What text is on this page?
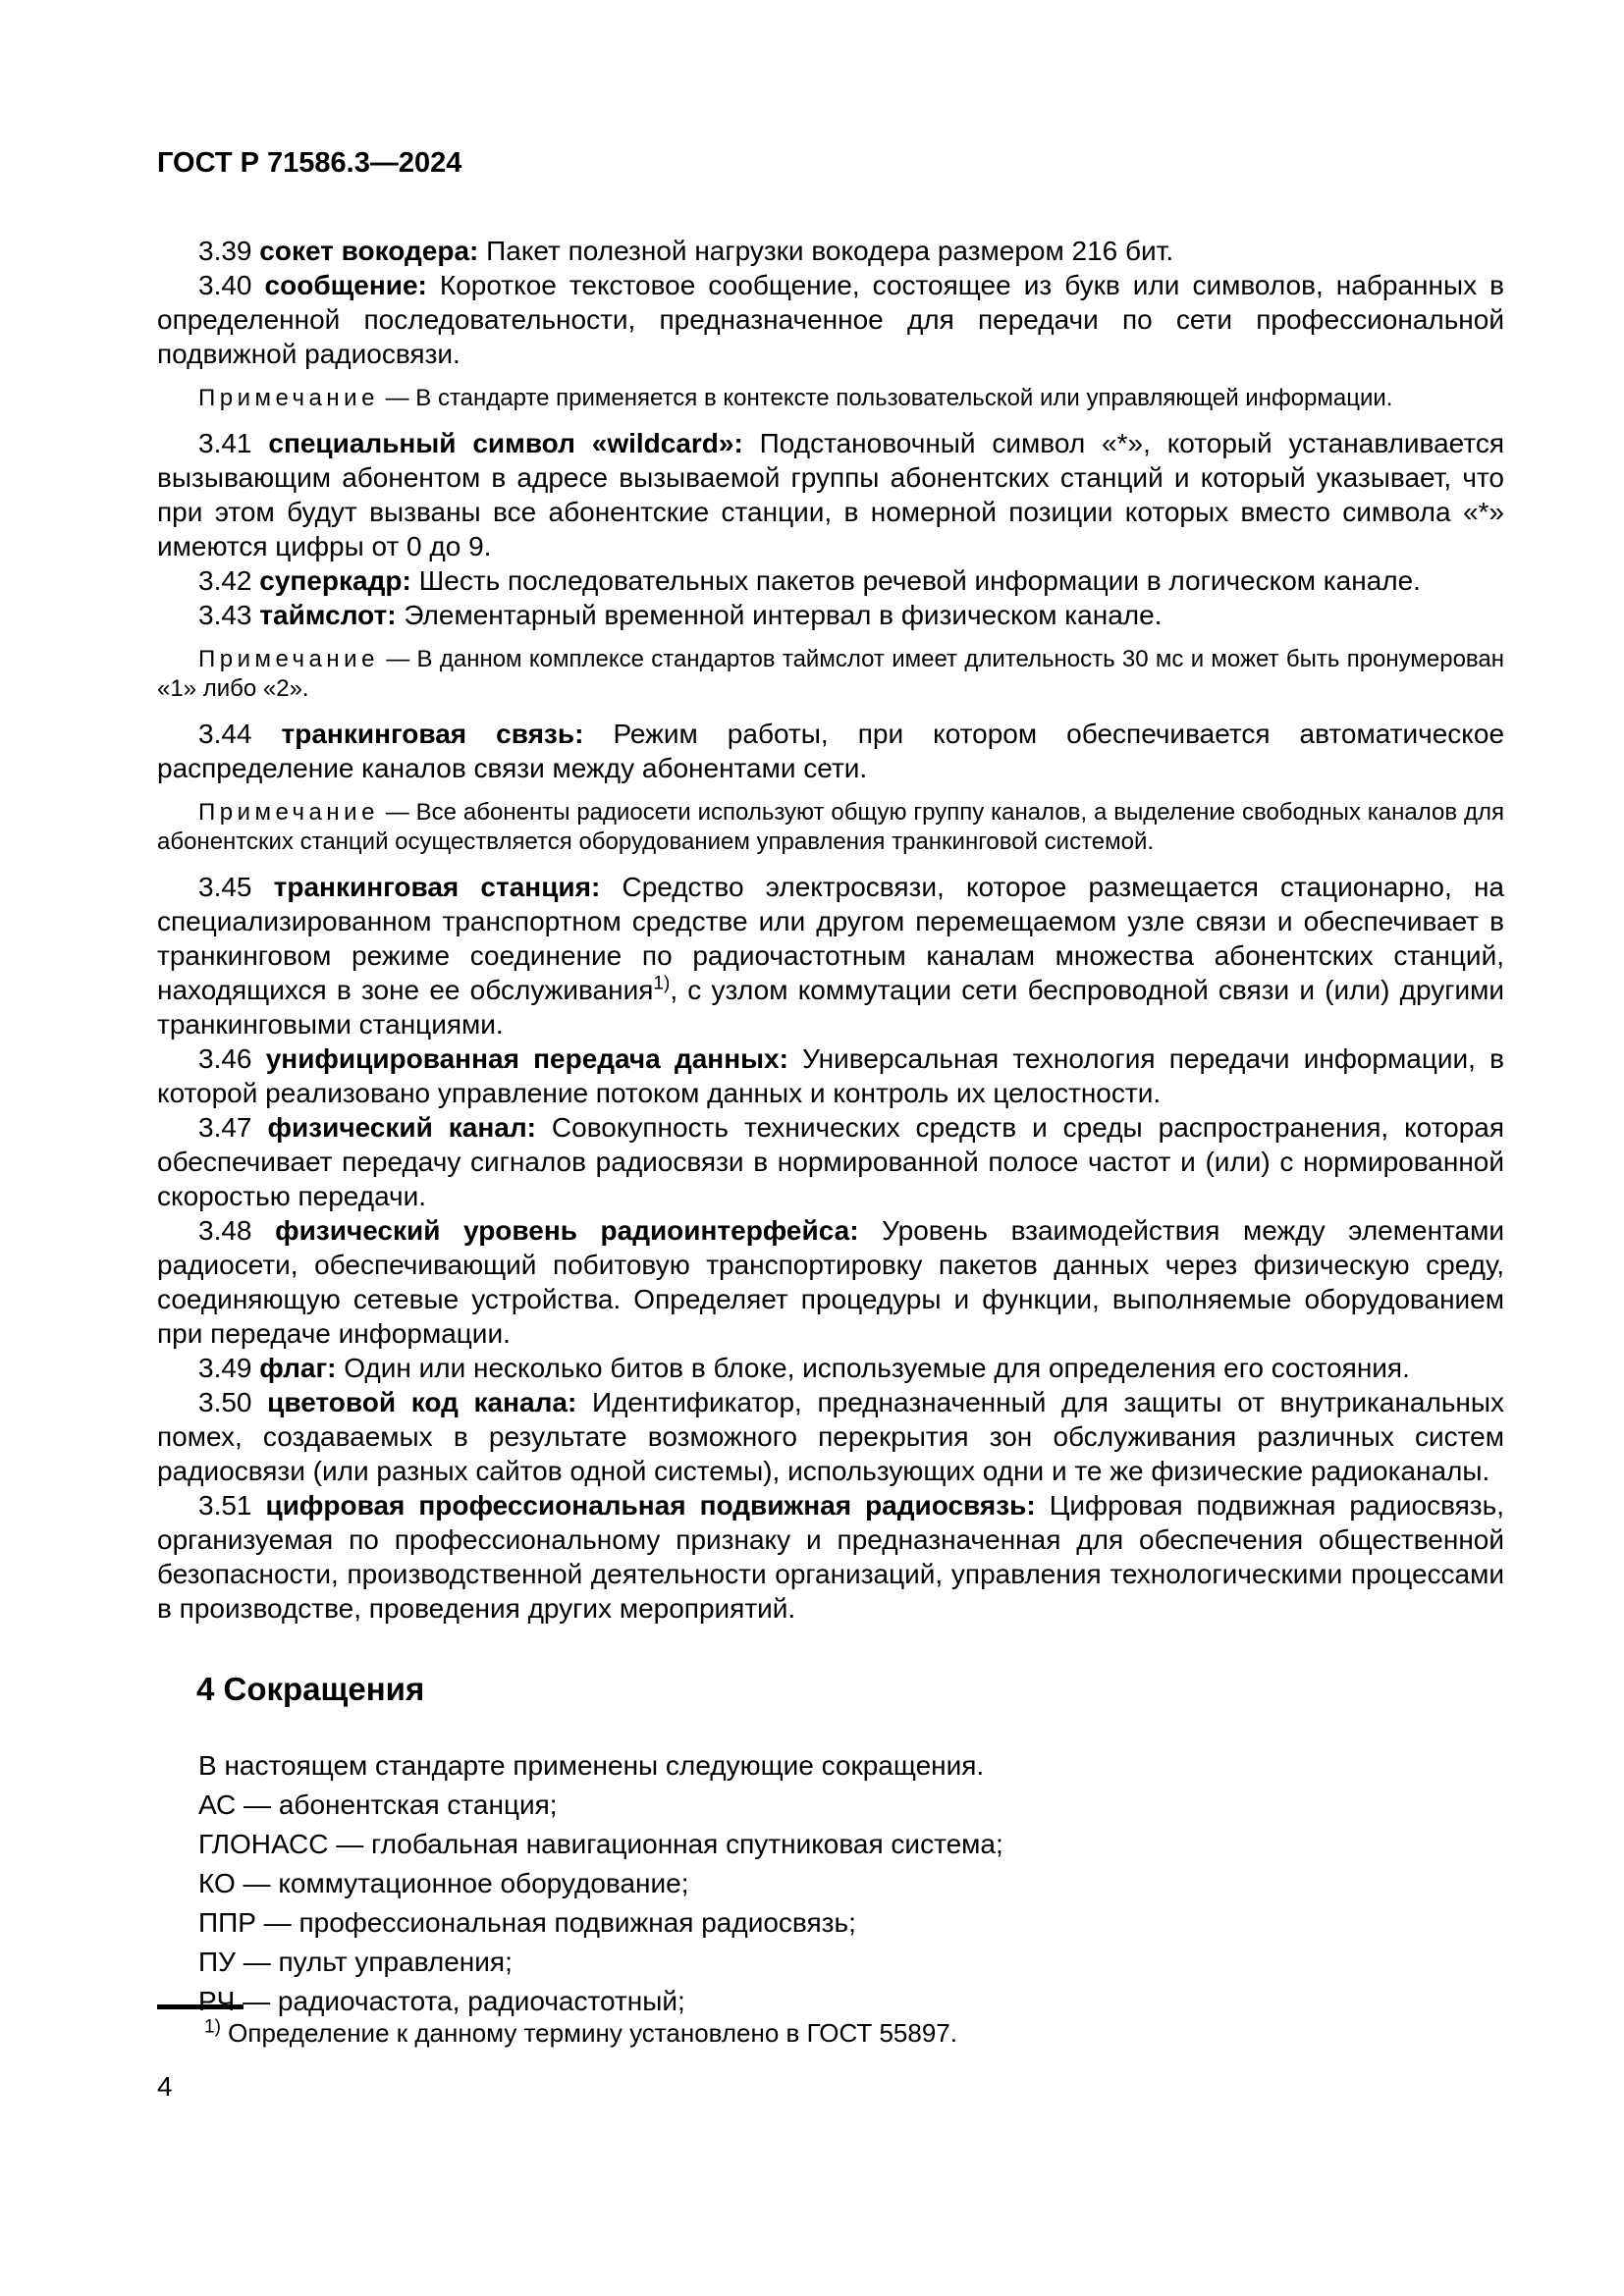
ГОСТ Р 71586.3—2024

3.39 сокет вокодера: Пакет полезной нагрузки вокодера размером 216 бит.

3.40 сообщение: Короткое текстовое сообщение, состоящее из букв или символов, набранных в определенной последовательности, предназначенное для передачи по сети профессиональной подвижной радиосвязи.

Примечание — В стандарте применяется в контексте пользовательской или управляющей информации.

3.41 специальный символ «wildcard»: Подстановочный символ «*», который устанавливается вызывающим абонентом в адресе вызываемой группы абонентских станций и который указывает, что при этом будут вызваны все абонентские станции, в номерной позиции которых вместо символа «*» имеются цифры от 0 до 9.

3.42 суперкадр: Шесть последовательных пакетов речевой информации в логическом канале.

3.43 таймслот: Элементарный временной интервал в физическом канале.

Примечание — В данном комплексе стандартов таймслот имеет длительность 30 мс и может быть пронумерован «1» либо «2».

3.44 транкинговая связь: Режим работы, при котором обеспечивается автоматическое распределение каналов связи между абонентами сети.

Примечание — Все абоненты радиосети используют общую группу каналов, а выделение свободных каналов для абонентских станций осуществляется оборудованием управления транкинговой системой.

3.45 транкинговая станция: Средство электросвязи, которое размещается стационарно, на специализированном транспортном средстве или другом перемещаемом узле связи и обеспечивает в транкинговом режиме соединение по радиочастотным каналам множества абонентских станций, находящихся в зоне ее обслуживания$^{1)}$, с узлом коммутации сети беспроводной связи и (или) другими транкинговыми станциями.

3.46 унифицированная передача данных: Универсальная технология передачи информации, в которой реализовано управление потоком данных и контроль их целостности.

3.47 физический канал: Совокупность технических средств и среды распространения, которая обеспечивает передачу сигналов радиосвязи в нормированной полосе частот и (или) с нормированной скоростью передачи.

3.48 физический уровень радиоинтерфейса: Уровень взаимодействия между элементами радиосети, обеспечивающий побитовую транспортировку пакетов данных через физическую среду, соединяющую сетевые устройства. Определяет процедуры и функции, выполняемые оборудованием при передаче информации.

3.49 флаг: Один или несколько битов в блоке, используемые для определения его состояния.

3.50 цветовой код канала: Идентификатор, предназначенный для защиты от внутриканальных помех, создаваемых в результате возможного перекрытия зон обслуживания различных систем радиосвязи (или разных сайтов одной системы), использующих одни и те же физические радиоканалы.

3.51 цифровая профессиональная подвижная радиосвязь: Цифровая подвижная радиосвязь, организуемая по профессиональному признаку и предназначенная для обеспечения общественной безопасности, производственной деятельности организаций, управления технологическими процессами в производстве, проведения других мероприятий.

4 Сокращения

В настоящем стандарте применены следующие сокращения.

АС — абонентская станция;

ГЛОНАСС — глобальная навигационная спутниковая система;

КО — коммутационное оборудование;

ППР — профессиональная подвижная радиосвязь;

ПУ — пульт управления;

РЧ — радиочастота, радиочастотный;

$^{1)}$ Определение к данному термину установлено в ГОСТ 55897.

4
